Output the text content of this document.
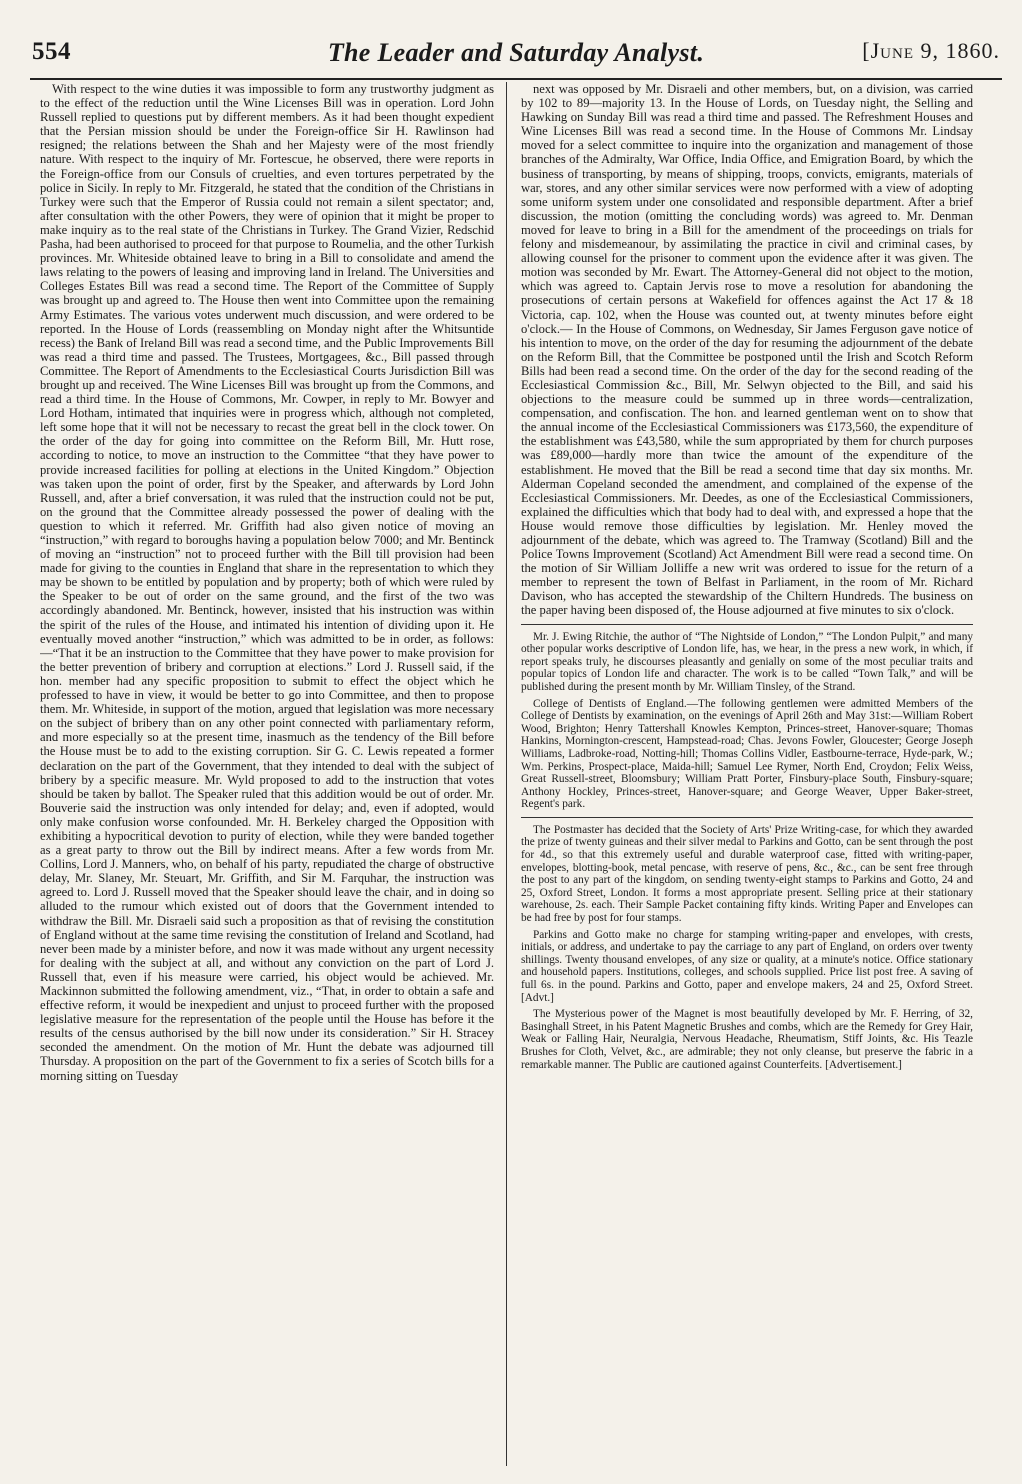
554	The Leader and Saturday Analyst.	[June 9, 1860.

With respect to the wine duties it was impossible to form any trustworthy judgment as to the effect of the reduction until the Wine Licenses Bill was in operation. Lord John Russell replied to questions put by different members. As it had been thought expedient that the Persian mission should be under the Foreign-office Sir H. Rawlinson had resigned; the relations between the Shah and her Majesty were of the most friendly nature. With respect to the inquiry of Mr. Fortescue, he observed, there were reports in the Foreign-office from our Consuls of cruelties, and even tortures perpetrated by the police in Sicily. In reply to Mr. Fitzgerald, he stated that the condition of the Christians in Turkey were such that the Emperor of Russia could not remain a silent spectator; and, after consultation with the other Powers, they were of opinion that it might be proper to make inquiry as to the real state of the Christians in Turkey. The Grand Vizier, Redschid Pasha, had been authorised to proceed for that purpose to Roumelia, and the other Turkish provinces. Mr. Whiteside obtained leave to bring in a Bill to consolidate and amend the laws relating to the powers of leasing and improving land in Ireland. The Universities and Colleges Estates Bill was read a second time. The Report of the Committee of Supply was brought up and agreed to. The House then went into Committee upon the remaining Army Estimates. The various votes underwent much discussion, and were ordered to be reported. In the House of Lords (reassembling on Monday night after the Whitsuntide recess) the Bank of Ireland Bill was read a second time, and the Public Improvements Bill was read a third time and passed. The Trustees, Mortgagees, &c., Bill passed through Committee. The Report of Amendments to the Ecclesiastical Courts Jurisdiction Bill was brought up and received. The Wine Licenses Bill was brought up from the Commons, and read a third time. In the House of Commons, Mr. Cowper, in reply to Mr. Bowyer and Lord Hotham, intimated that inquiries were in progress which, although not completed, left some hope that it will not be necessary to recast the great bell in the clock tower. On the order of the day for going into committee on the Reform Bill, Mr. Hutt rose, according to notice, to move an instruction to the Committee “that they have power to provide increased facilities for polling at elections in the United Kingdom.” Objection was taken upon the point of order, first by the Speaker, and afterwards by Lord John Russell, and, after a brief conversation, it was ruled that the instruction could not be put, on the ground that the Committee already possessed the power of dealing with the question to which it referred. Mr. Griffith had also given notice of moving an “instruction,” with regard to boroughs having a population below 7000; and Mr. Bentinck of moving an “instruction” not to proceed further with the Bill till provision had been made for giving to the counties in England that share in the representation to which they may be shown to be entitled by population and by property; both of which were ruled by the Speaker to be out of order on the same ground, and the first of the two was accordingly abandoned. Mr. Bentinck, however, insisted that his instruction was within the spirit of the rules of the House, and intimated his intention of dividing upon it. He eventually moved another “instruction,” which was admitted to be in order, as follows:—“That it be an instruction to the Committee that they have power to make provision for the better prevention of bribery and corruption at elections.” Lord J. Russell said, if the hon. member had any specific proposition to submit to effect the object which he professed to have in view, it would be better to go into Committee, and then to propose them. Mr. Whiteside, in support of the motion, argued that legislation was more necessary on the subject of bribery than on any other point connected with parliamentary reform, and more especially so at the present time, inasmuch as the tendency of the Bill before the House must be to add to the existing corruption. Sir G. C. Lewis repeated a former declaration on the part of the Government, that they intended to deal with the subject of bribery by a specific measure. Mr. Wyld proposed to add to the instruction that votes should be taken by ballot. The Speaker ruled that this addition would be out of order. Mr. Bouverie said the instruction was only intended for delay; and, even if adopted, would only make confusion worse confounded. Mr. H. Berkeley charged the Opposition with exhibiting a hypocritical devotion to purity of election, while they were banded together as a great party to throw out the Bill by indirect means. After a few words from Mr. Collins, Lord J. Manners, who, on behalf of his party, repudiated the charge of obstructive delay, Mr. Slaney, Mr. Steuart, Mr. Griffith, and Sir M. Farquhar, the instruction was agreed to. Lord J. Russell moved that the Speaker should leave the chair, and in doing so alluded to the rumour which existed out of doors that the Government intended to withdraw the Bill. Mr. Disraeli said such a proposition as that of revising the constitution of England without at the same time revising the constitution of Ireland and Scotland, had never been made by a minister before, and now it was made without any urgent necessity for dealing with the subject at all, and without any conviction on the part of Lord J. Russell that, even if his measure were carried, his object would be achieved. Mr. Mackinnon submitted the following amendment, viz., “That, in order to obtain a safe and effective reform, it would be inexpedient and unjust to proceed further with the proposed legislative measure for the representation of the people until the House has before it the results of the census authorised by the bill now under its consideration.” Sir H. Stracey seconded the amendment. On the motion of Mr. Hunt the debate was adjourned till Thursday. A proposition on the part of the Government to fix a series of Scotch bills for a morning sitting on Tuesday

next was opposed by Mr. Disraeli and other members, but, on a division, was carried by 102 to 89—majority 13. In the House of Lords, on Tuesday night, the Selling and Hawking on Sunday Bill was read a third time and passed. The Refreshment Houses and Wine Licenses Bill was read a second time. In the House of Commons Mr. Lindsay moved for a select committee to inquire into the organization and management of those branches of the Admiralty, War Office, India Office, and Emigration Board, by which the business of transporting, by means of shipping, troops, convicts, emigrants, materials of war, stores, and any other similar services were now performed with a view of adopting some uniform system under one consolidated and responsible department. After a brief discussion, the motion (omitting the concluding words) was agreed to. Mr. Denman moved for leave to bring in a Bill for the amendment of the proceedings on trials for felony and misdemeanour, by assimilating the practice in civil and criminal cases, by allowing counsel for the prisoner to comment upon the evidence after it was given. The motion was seconded by Mr. Ewart. The Attorney-General did not object to the motion, which was agreed to. Captain Jervis rose to move a resolution for abandoning the prosecutions of certain persons at Wakefield for offences against the Act 17 & 18 Victoria, cap. 102, when the House was counted out, at twenty minutes before eight o'clock.— In the House of Commons, on Wednesday, Sir James Ferguson gave notice of his intention to move, on the order of the day for resuming the adjournment of the debate on the Reform Bill, that the Committee be postponed until the Irish and Scotch Reform Bills had been read a second time. On the order of the day for the second reading of the Ecclesiastical Commission &c., Bill, Mr. Selwyn objected to the Bill, and said his objections to the measure could be summed up in three words—centralization, compensation, and confiscation. The hon. and learned gentleman went on to show that the annual income of the Ecclesiastical Commissioners was £173,560, the expenditure of the establishment was £43,580, while the sum appropriated by them for church purposes was £89,000—hardly more than twice the amount of the expenditure of the establishment. He moved that the Bill be read a second time that day six months. Mr. Alderman Copeland seconded the amendment, and complained of the expense of the Ecclesiastical Commissioners. Mr. Deedes, as one of the Ecclesiastical Commissioners, explained the difficulties which that body had to deal with, and expressed a hope that the House would remove those difficulties by legislation. Mr. Henley moved the adjournment of the debate, which was agreed to. The Tramway (Scotland) Bill and the Police Towns Improvement (Scotland) Act Amendment Bill were read a second time. On the motion of Sir William Jolliffe a new writ was ordered to issue for the return of a member to represent the town of Belfast in Parliament, in the room of Mr. Richard Davison, who has accepted the stewardship of the Chiltern Hundreds. The business on the paper having been disposed of, the House adjourned at five minutes to six o'clock.

Mr. J. Ewing Ritchie, the author of “The Nightside of London,” “The London Pulpit,” and many other popular works descriptive of London life, has, we hear, in the press a new work, in which, if report speaks truly, he discourses pleasantly and genially on some of the most peculiar traits and popular topics of London life and character. The work is to be called “Town Talk,” and will be published during the present month by Mr. William Tinsley, of the Strand.

College of Dentists of England.—The following gentlemen were admitted Members of the College of Dentists by examination, on the evenings of April 26th and May 31st:—William Robert Wood, Brighton; Henry Tattershall Knowles Kempton, Princes-street, Hanover-square; Thomas Hankins, Mornington-crescent, Hampstead-road; Chas. Jevons Fowler, Gloucester; George Joseph Williams, Ladbroke-road, Notting-hill; Thomas Collins Vidler, Eastbourne-terrace, Hyde-park, W.; Wm. Perkins, Prospect-place, Maida-hill; Samuel Lee Rymer, North End, Croydon; Felix Weiss, Great Russell-street, Bloomsbury; William Pratt Porter, Finsbury-place South, Finsbury-square; Anthony Hockley, Princes-street, Hanover-square; and George Weaver, Upper Baker-street, Regent's park.

The Postmaster has decided that the Society of Arts' Prize Writing-case, for which they awarded the prize of twenty guineas and their silver medal to Parkins and Gotto, can be sent through the post for 4d., so that this extremely useful and durable waterproof case, fitted with writing-paper, envelopes, blotting-book, metal pencase, with reserve of pens, &c., &c., can be sent free through the post to any part of the kingdom, on sending twenty-eight stamps to Parkins and Gotto, 24 and 25, Oxford Street, London. It forms a most appropriate present. Selling price at their stationary warehouse, 2s. each. Their Sample Packet containing fifty kinds. Writing Paper and Envelopes can be had free by post for four stamps.

Parkins and Gotto make no charge for stamping writing-paper and envelopes, with crests, initials, or address, and undertake to pay the carriage to any part of England, on orders over twenty shillings. Twenty thousand envelopes, of any size or quality, at a minute's notice. Office stationary and household papers. Institutions, colleges, and schools supplied. Price list post free. A saving of full 6s. in the pound. Parkins and Gotto, paper and envelope makers, 24 and 25, Oxford Street. [Advt.]

The Mysterious power of the Magnet is most beautifully developed by Mr. F. Herring, of 32, Basinghall Street, in his Patent Magnetic Brushes and combs, which are the Remedy for Grey Hair, Weak or Falling Hair, Neuralgia, Nervous Headache, Rheumatism, Stiff Joints, &c. His Teazle Brushes for Cloth, Velvet, &c., are admirable; they not only cleanse, but preserve the fabric in a remarkable manner. The Public are cautioned against Counterfeits. [Advertisement.]
